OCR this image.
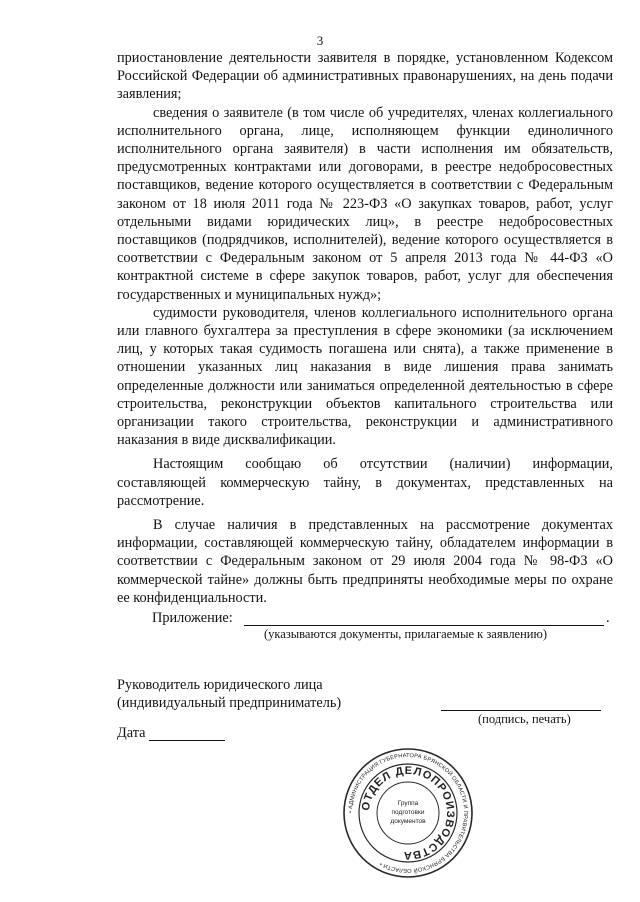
3

приостановление деятельности заявителя в порядке, установленном Кодексом Российской Федерации об административных правонарушениях, на день подачи заявления;

сведения о заявителе (в том числе об учредителях, членах коллегиального исполнительного органа, лице, исполняющем функции единоличного исполнительного органа заявителя) в части исполнения им обязательств, предусмотренных контрактами или договорами, в реестре недобросовестных поставщиков, ведение которого осуществляется в соответствии с Федеральным законом от 18 июля 2011 года № 223-ФЗ «О закупках товаров, работ, услуг отдельными видами юридических лиц», в реестре недобросовестных поставщиков (подрядчиков, исполнителей), ведение которого осуществляется в соответствии с Федеральным законом от 5 апреля 2013 года № 44-ФЗ «О контрактной системе в сфере закупок товаров, работ, услуг для обеспечения государственных и муниципальных нужд»;

судимости руководителя, членов коллегиального исполнительного органа или главного бухгалтера за преступления в сфере экономики (за исключением лиц, у которых такая судимость погашена или снята), а также применение в отношении указанных лиц наказания в виде лишения права занимать определенные должности или заниматься определенной деятельностью в сфере строительства, реконструкции объектов капитального строительства или организации такого строительства, реконструкции и административного наказания в виде дисквалификации.

Настоящим сообщаю об отсутствии (наличии) информации, составляющей коммерческую тайну, в документах, представленных на рассмотрение.

В случае наличия в представленных на рассмотрение документах информации, составляющей коммерческую тайну, обладателем информации в соответствии с Федеральным законом от 29 июля 2004 года № 98-ФЗ «О коммерческой тайне» должны быть предприняты необходимые меры по охране ее конфиденциальности.

Приложение:	.
(указываются документы, прилагаемые к заявлению)
Руководитель юридического лица
(индивидуальный предприниматель)
(подпись, печать)
Дата
• АДМИНИСТРАЦИЯ ГУБЕРНАТОРА БРЯНСКОЙ ОБЛАСТИ И ПРАВИТЕЛЬСТВА БРЯНСКОЙ ОБЛАСТИ •
ОТДЕЛ ДЕЛОПРОИЗВОДСТВА
Группа
подготовки
документов
